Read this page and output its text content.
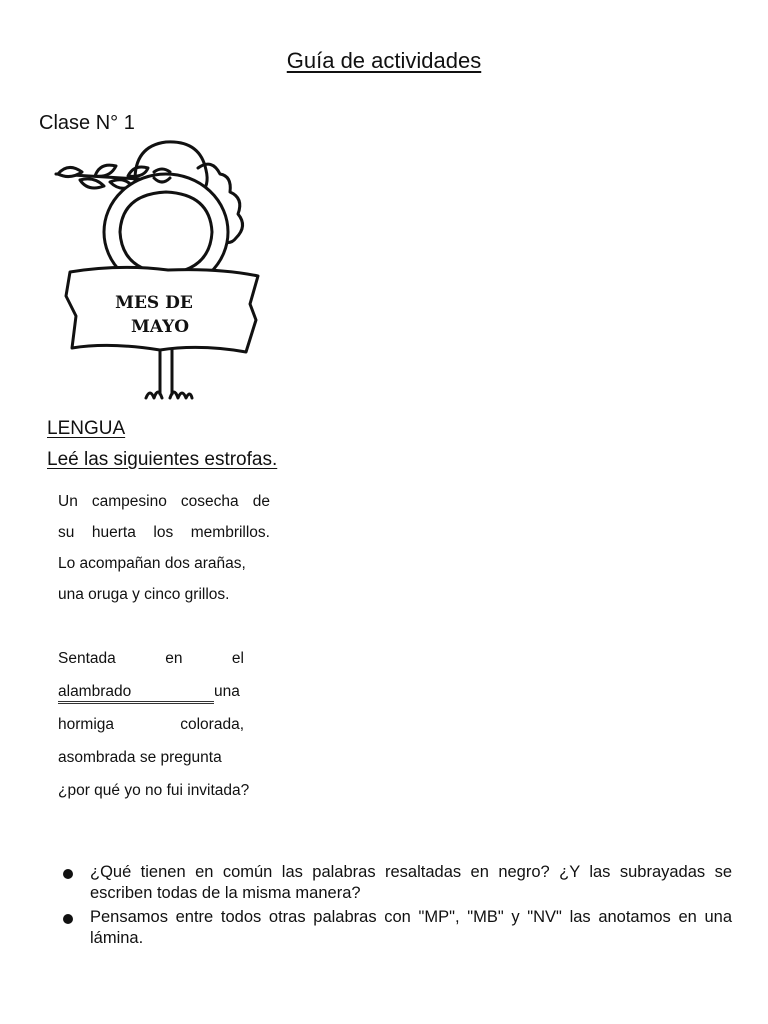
Guía de actividades
Clase N° 1
MES DE
MAYO
LENGUA
Leé las siguientes estrofas.
Un campesino cosecha de
su huerta los membrillos.
Lo acompañan dos arañas,
una oruga y cinco grillos.
Sentada	en	el
alambrado	una
hormiga	colorada,
asombrada se pregunta
¿por qué yo no fui invitada?
¿Qué tienen en común las palabras resaltadas en negro? ¿Y las subrayadas se escriben todas de la misma manera?
Pensamos entre todos otras palabras con "MP", "MB" y "NV" las anotamos en una lámina.
